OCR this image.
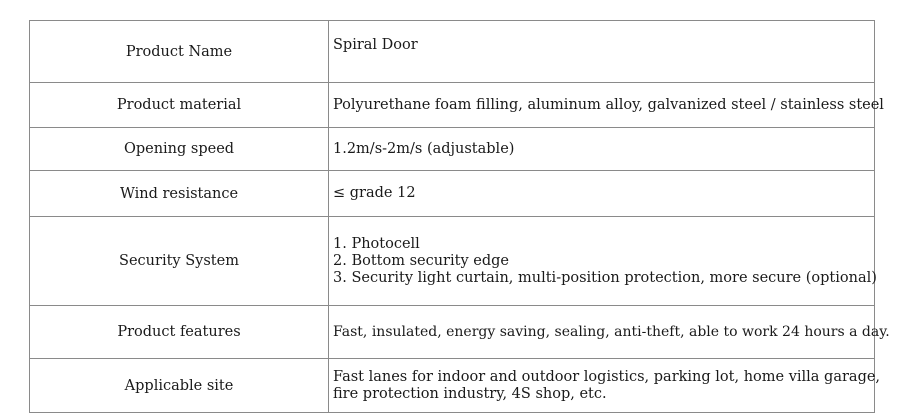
Product Name	Spiral Door

Product material	Polyurethane foam filling, aluminum alloy, galvanized steel / stainless steel

Opening speed	1.2m/s-2m/s (adjustable)

Wind resistance	≤ grade 12

Security System	1. Photocell
2. Bottom security edge
3. Security light curtain, multi-position protection, more secure (optional)

Product features	Fast, insulated, energy saving, sealing, anti-theft, able to work 24 hours a day.

Applicable site	Fast lanes for indoor and outdoor logistics, parking lot, home villa garage,
fire protection industry, 4S shop, etc.
